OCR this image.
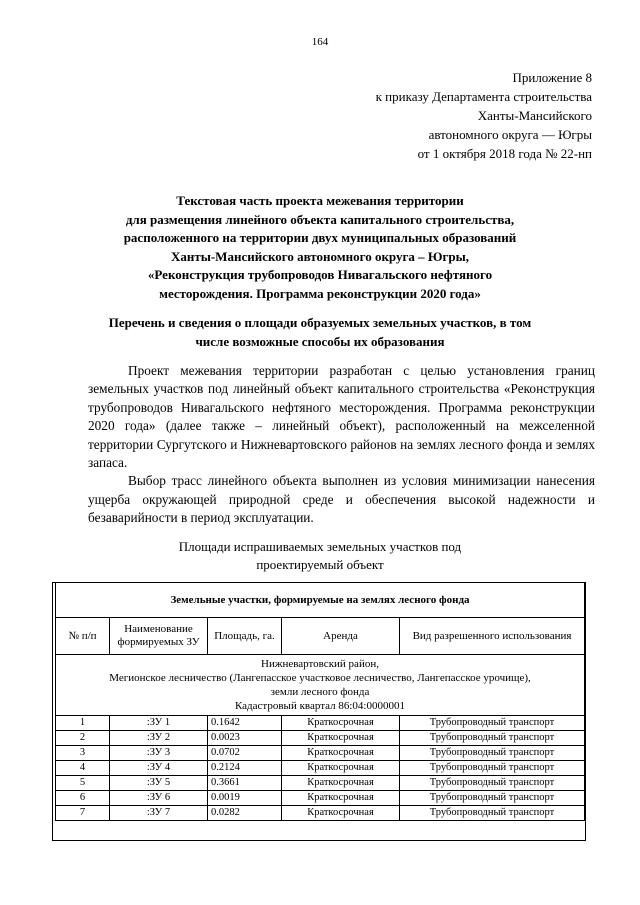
164
Приложение 8
к приказу Департамента строительства
Ханты-Мансийского
автономного округа — Югры
от 1 октября 2018 года № 22-нп
Текстовая часть проекта межевания территории
для размещения линейного объекта капитального строительства,
расположенного на территории двух муниципальных образований
Ханты-Мансийского автономного округа – Югры,
«Реконструкция трубопроводов Нивагальского нефтяного
месторождения. Программа реконструкции 2020 года»
Перечень и сведения о площади образуемых земельных участков, в том
числе возможные способы их образования

Проект межевания территории разработан с целью установления границ земельных участков под линейный объект капитального строительства «Реконструкция трубопроводов Нивагальского нефтяного месторождения. Программа реконструкции 2020 года» (далее также – линейный объект), расположенный на межселенной территории Сургутского и Нижневартовского районов на землях лесного фонда и землях запаса.

Выбор трасс линейного объекта выполнен из условия минимизации нанесения ущерба окружающей природной среде и обеспечения высокой надежности и безаварийности в период эксплуатации.

Площади испрашиваемых земельных участков под
проектируемый объект
Земельные участки, формируемые на землях лесного фонда				
№ п/п	Наименование формируемых ЗУ	Площадь, га.	Аренда	Вид разрешенного использования

Нижневартовский район,
Мегионское лесничество (Лангепасское участковое лесничество, Лангепасское урочище),
земли лесного фонда
Кадастровый квартал 86:04:0000001				

1	:ЗУ 1	0.1642	Краткосрочная	Трубопроводный транспорт
2	:ЗУ 2	0.0023	Краткосрочная	Трубопроводный транспорт
3	:ЗУ 3	0.0702	Краткосрочная	Трубопроводный транспорт
4	:ЗУ 4	0.2124	Краткосрочная	Трубопроводный транспорт
5	:ЗУ 5	0.3661	Краткосрочная	Трубопроводный транспорт
6	:ЗУ 6	0.0019	Краткосрочная	Трубопроводный транспорт
7	:ЗУ 7	0.0282	Краткосрочная	Трубопроводный транспорт
